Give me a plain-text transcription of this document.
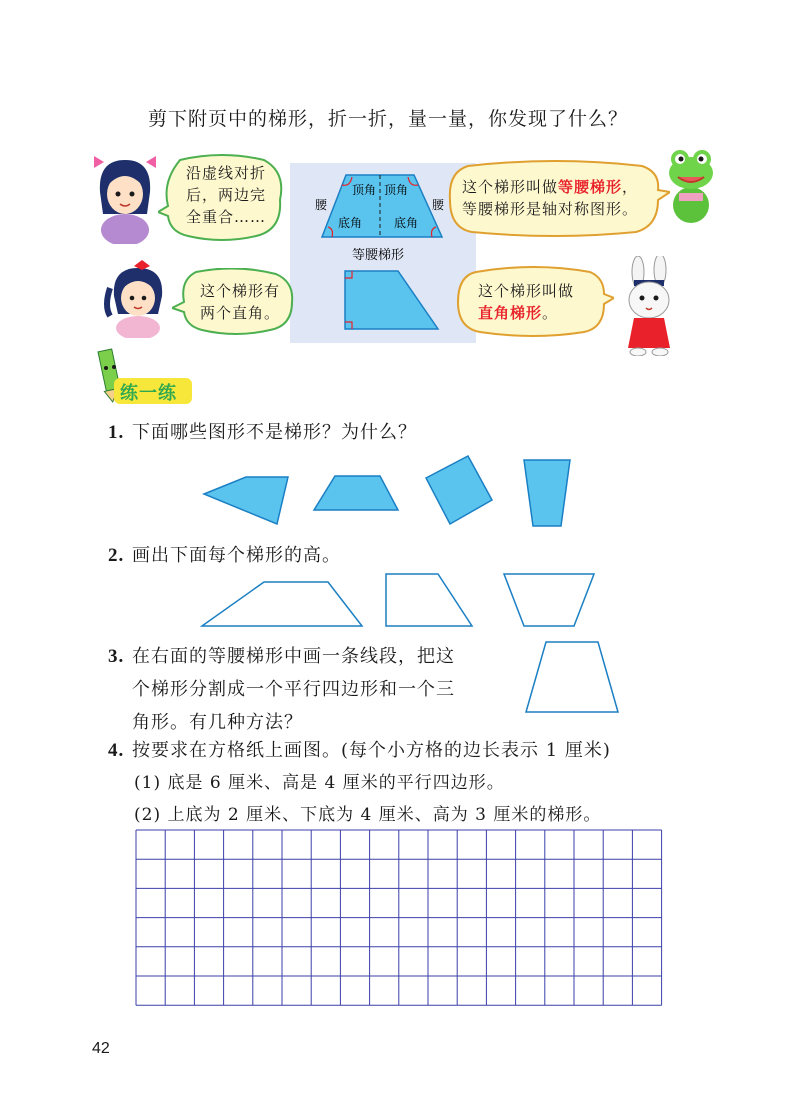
剪下附页中的梯形，折一折，量一量，你发现了什么？
顶角 顶角
底角	底角
腰	腰
等腰梯形
沿虚线对折
后，两边完
全重合……
这个梯形叫做等腰梯形，
等腰梯形是轴对称图形。
这个梯形有
两个直角。
这个梯形叫做
直角梯形。
练一练
1. 下面哪些图形不是梯形？为什么？
2. 画出下面每个梯形的高。
3. 在右面的等腰梯形中画一条线段，把这
个梯形分割成一个平行四边形和一个三
角形。有几种方法？
4. 按要求在方格纸上画图。(每个小方格的边长表示 1 厘米)
(1) 底是 6 厘米、高是 4 厘米的平行四边形。
(2) 上底为 2 厘米、下底为 4 厘米、高为 3 厘米的梯形。
42
